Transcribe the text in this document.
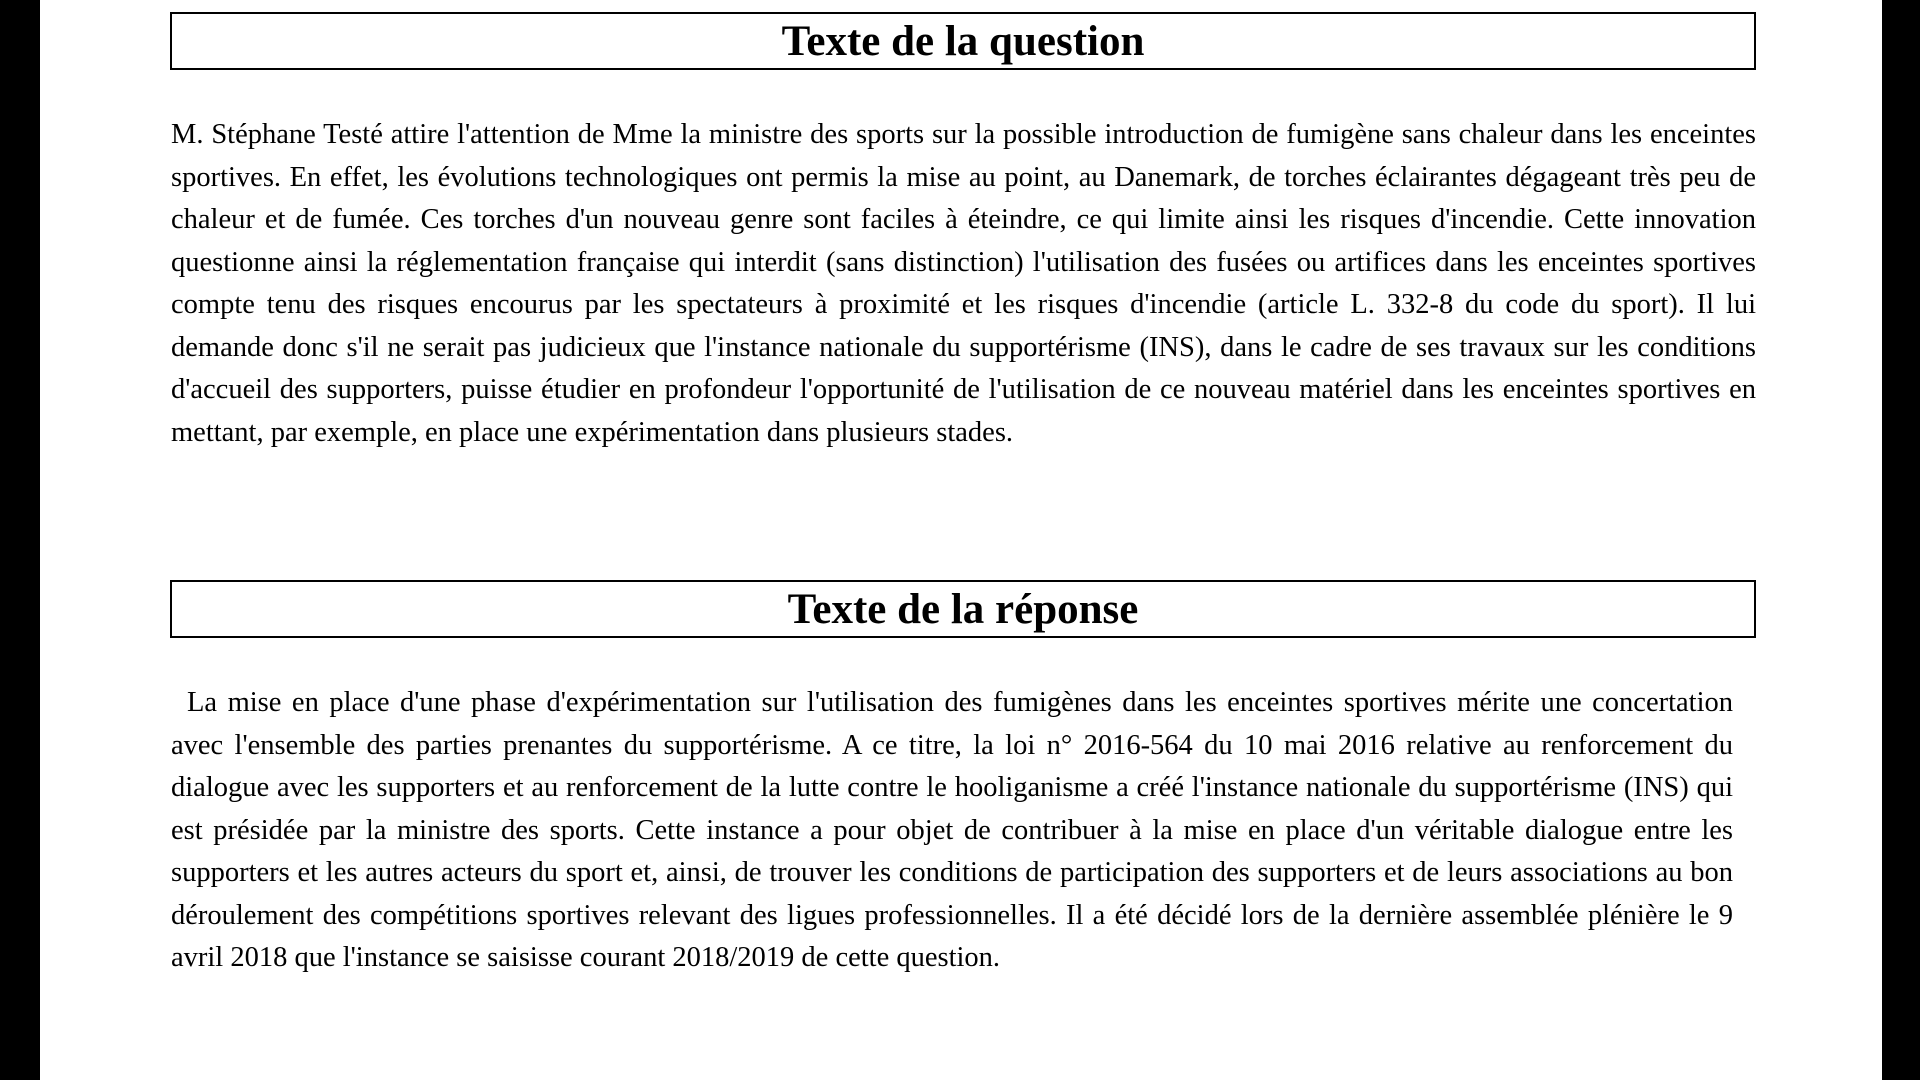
Texte de la question

M. Stéphane Testé attire l'attention de Mme la ministre des sports sur la possible introduction de fumigène sans chaleur dans les enceintes sportives. En effet, les évolutions technologiques ont permis la mise au point, au Danemark, de torches éclairantes dégageant très peu de chaleur et de fumée. Ces torches d'un nouveau genre sont faciles à éteindre, ce qui limite ainsi les risques d'incendie. Cette innovation questionne ainsi la réglementation française qui interdit (sans distinction) l'utilisation des fusées ou artifices dans les enceintes sportives compte tenu des risques encourus par les spectateurs à proximité et les risques d'incendie (article L. 332-8 du code du sport). Il lui demande donc s'il ne serait pas judicieux que l'instance nationale du supportérisme (INS), dans le cadre de ses travaux sur les conditions d'accueil des supporters, puisse étudier en profondeur l'opportunité de l'utilisation de ce nouveau matériel dans les enceintes sportives en mettant, par exemple, en place une expérimentation dans plusieurs stades.

Texte de la réponse

La mise en place d'une phase d'expérimentation sur l'utilisation des fumigènes dans les enceintes sportives mérite une concertation avec l'ensemble des parties prenantes du supportérisme. A ce titre, la loi n° 2016-564 du 10 mai 2016 relative au renforcement du dialogue avec les supporters et au renforcement de la lutte contre le hooliganisme a créé l'instance nationale du supportérisme (INS) qui est présidée par la ministre des sports. Cette instance a pour objet de contribuer à la mise en place d'un véritable dialogue entre les supporters et les autres acteurs du sport et, ainsi, de trouver les conditions de participation des supporters et de leurs associations au bon déroulement des compétitions sportives relevant des ligues professionnelles. Il a été décidé lors de la dernière assemblée plénière le 9 avril 2018 que l'instance se saisisse courant 2018/2019 de cette question.
